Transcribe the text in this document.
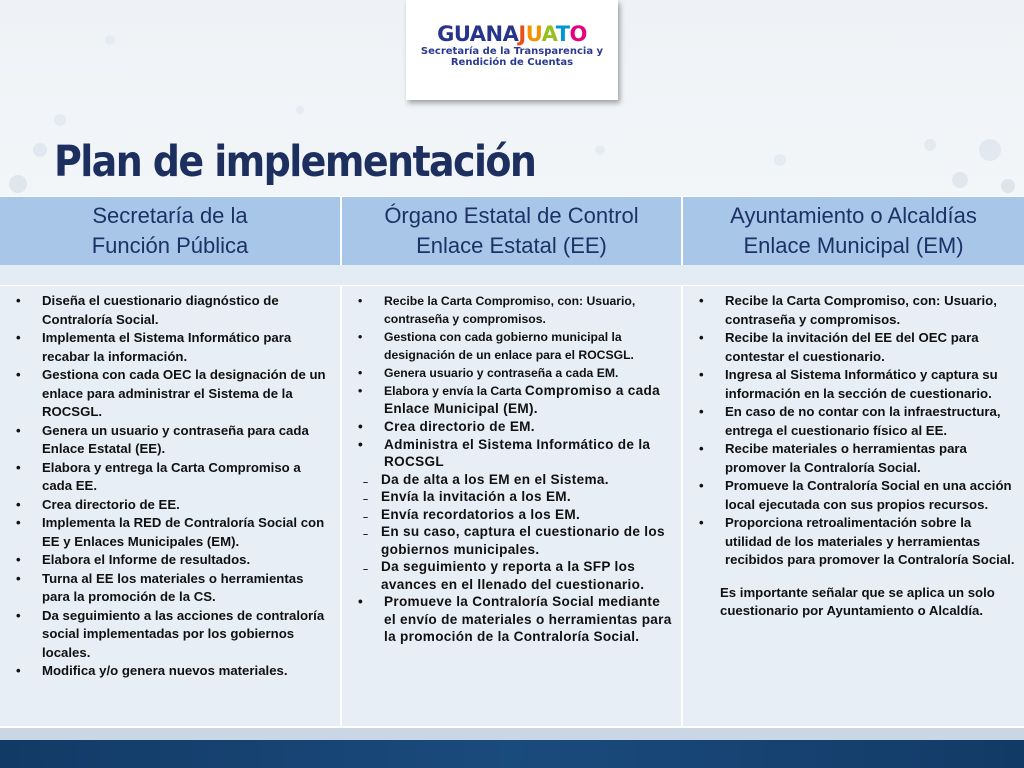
GUANAJUATO
Secretaría de la Transparencia y
Rendición de Cuentas
Plan de implementación
Secretaría de la
Función Pública
Órgano Estatal de Control
Enlace Estatal (EE)
Ayuntamiento o Alcaldías
Enlace Municipal (EM)
• Diseña el cuestionario diagnóstico de Contraloría Social.
• Implementa el Sistema Informático para recabar la información.
• Gestiona con cada OEC la designación de un enlace para administrar el Sistema de la ROCSGL.
• Genera un usuario y contraseña para cada Enlace Estatal (EE).
• Elabora y entrega la Carta Compromiso a cada EE.
• Crea directorio de EE.
• Implementa la RED de Contraloría Social con EE y Enlaces Municipales (EM).
• Elabora el Informe de resultados.
• Turna al EE los materiales o herramientas para la promoción de la CS.
• Da seguimiento a las acciones de contraloría social implementadas por los gobiernos locales.
• Modifica y/o genera nuevos materiales.
• Recibe la Carta Compromiso, con: Usuario, contraseña y compromisos.
• Gestiona con cada gobierno municipal la designación de un enlace para el ROCSGL.
• Genera usuario y contraseña a cada EM.
• Elabora y envía la Carta Compromiso a cada Enlace Municipal (EM).
• Crea directorio de EM.
• Administra el Sistema Informático de la ROCSGL
– Da de alta a los EM en el Sistema.
– Envía la invitación a los EM.
– Envía recordatorios a los EM.
– En su caso, captura el cuestionario de los gobiernos municipales.
– Da seguimiento y reporta a la SFP los avances en el llenado del cuestionario.
• Promueve la Contraloría Social mediante el envío de materiales o herramientas para la promoción de la Contraloría Social.
• Recibe la Carta Compromiso, con: Usuario, contraseña y compromisos.
• Recibe la invitación del EE del OEC para contestar el cuestionario.
• Ingresa al Sistema Informático y captura su información en la sección de cuestionario.
• En caso de no contar con la infraestructura, entrega el cuestionario físico al EE.
• Recibe materiales o herramientas para promover la Contraloría Social.
• Promueve la Contraloría Social en una acción local ejecutada con sus propios recursos.
• Proporciona retroalimentación sobre la utilidad de los materiales y herramientas recibidos para promover la Contraloría Social.
Es importante señalar que se aplica un solo cuestionario por Ayuntamiento o Alcaldía.
